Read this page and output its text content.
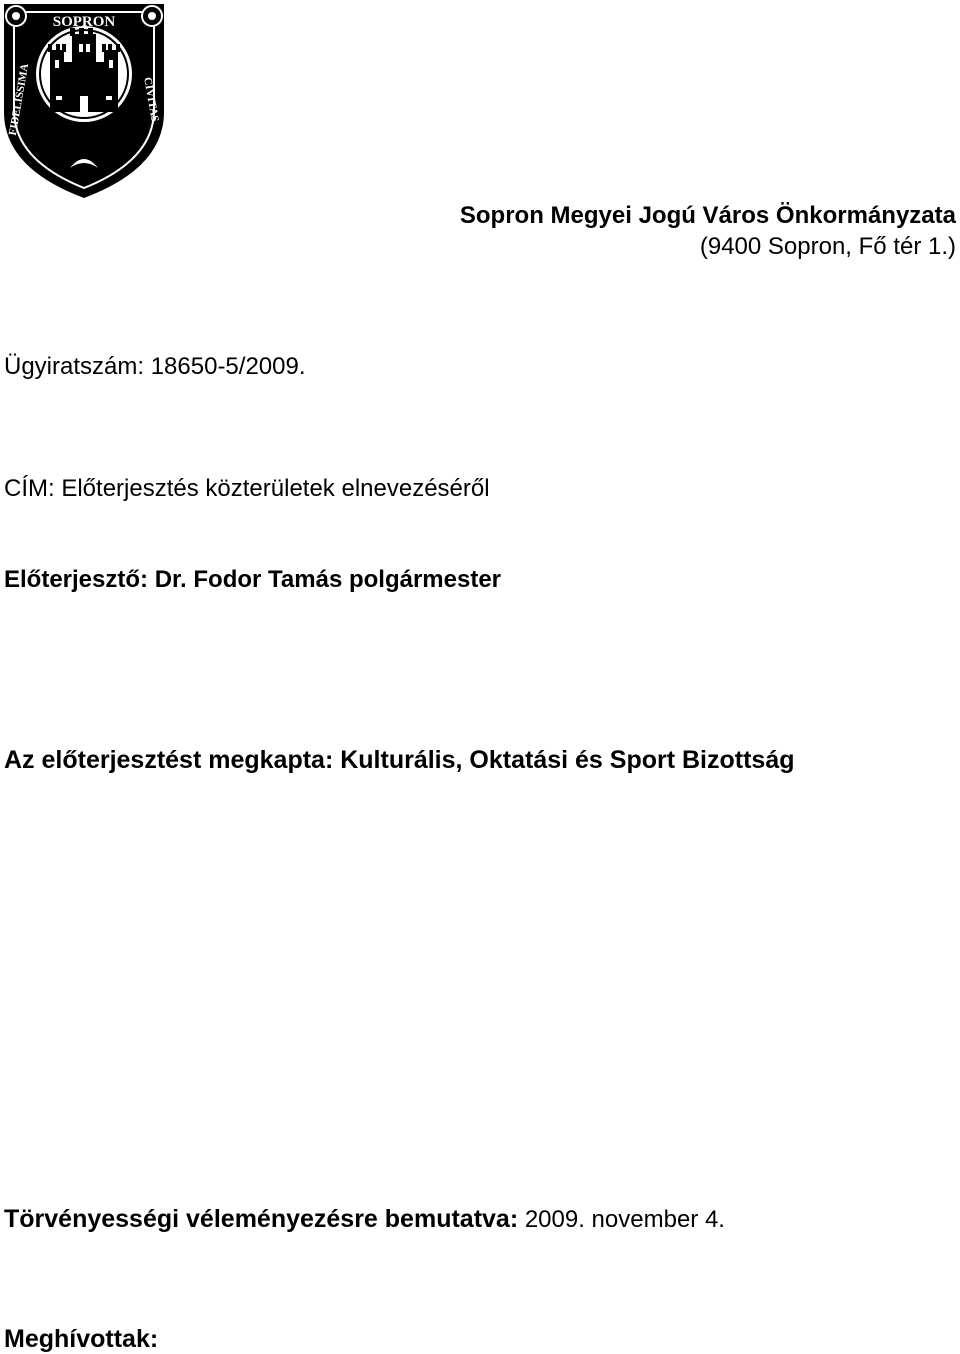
SOPRON
CIVITAS
FIDELISSIMA
Sopron Megyei Jogú Város Önkormányzata
(9400 Sopron, Fő tér 1.)
Ügyiratszám: 18650-5/2009.
CÍM: Előterjesztés közterületek elnevezéséről
Előterjesztő: Dr. Fodor Tamás polgármester
Az előterjesztést megkapta: Kulturális, Oktatási és Sport Bizottság
Törvényességi véleményezésre bemutatva: 2009. november 4.
Meghívottak:
